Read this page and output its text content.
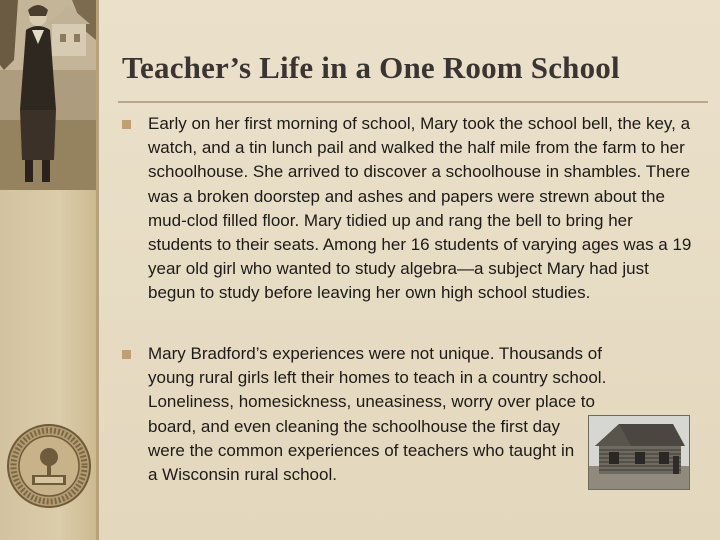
Teacher’s Life in a One Room School
Early on her first morning of school, Mary took the school bell, the key, a watch, and a tin lunch pail and walked the half mile from the farm to her schoolhouse. She arrived to discover a schoolhouse in shambles. There was a broken doorstep and ashes and papers were strewn about the mud-clod filled floor. Mary tidied up and rang the bell to bring her students to their seats. Among her 16 students of varying ages was a 19 year old girl who wanted to study algebra—a subject Mary had just begun to study before leaving her own high school studies.
Mary Bradford’s experiences were not unique. Thousands of
young rural girls left their homes to teach in a country school.
Loneliness, homesickness, uneasiness, worry over place to
board, and even cleaning the schoolhouse the first day were the common experiences of teachers who taught in a Wisconsin rural school.
